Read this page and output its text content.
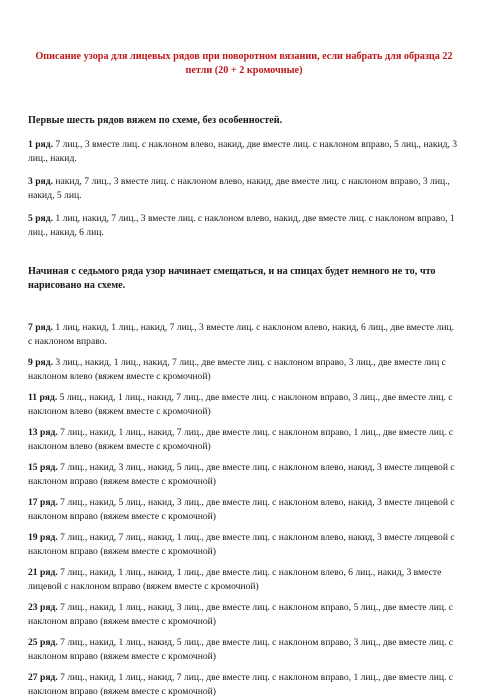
Описание узора для лицевых рядов при поворотном вязании, если набрать для образца 22 петли (20 + 2 кромочные)

Первые шесть рядов вяжем по схеме, без особенностей.

1 ряд. 7 лиц., 3 вместе лиц. с наклоном влево, накид, две вместе лиц. с наклоном вправо, 5 лиц., накид, 3 лиц., накид.

3 ряд. накид, 7 лиц., 3 вместе лиц. с наклоном влево, накид, две вместе лиц. с наклоном вправо, 3 лиц., накид, 5 лиц.

5 ряд. 1 лиц, накид, 7 лиц., 3 вместе лиц. с наклоном влево, накид, две вместе лиц. с наклоном вправо, 1 лиц., накид, 6 лиц.

Начиная с седьмого ряда узор начинает смещаться, и на спицах будет немного не то, что нарисовано на схеме.

7 ряд. 1 лиц, накид, 1 лиц., накид, 7 лиц., 3 вместе лиц. с наклоном влево, накид, 6 лиц., две вместе лиц. с наклоном вправо.

9 ряд. 3 лиц., накид, 1 лиц., накид, 7 лиц., две вместе лиц. с наклоном вправо, 3 лиц., две вместе лиц с наклоном влево (вяжем вместе с кромочной)

11 ряд. 5 лиц., накид, 1 лиц., накид, 7 лиц., две вместе лиц. с наклоном вправо, 3 лиц., две вместе лиц. с наклоном влево (вяжем вместе с кромочной)

13 ряд. 7 лиц., накид, 1 лиц., накид, 7 лиц., две вместе лиц. с наклоном вправо, 1 лиц., две вместе лиц. с наклоном влево (вяжем вместе с кромочной)

15 ряд. 7 лиц., накид, 3 лиц., накид, 5 лиц., две вместе лиц. с наклоном влево, накид, 3 вместе лицевой с наклоном вправо (вяжем вместе с кромочной)

17 ряд. 7 лиц., накид, 5 лиц., накид, 3 лиц., две вместе лиц. с наклоном влево, накид, 3 вместе лицевой с наклоном вправо (вяжем вместе с кромочной)

19 ряд. 7 лиц., накид, 7 лиц., накид, 1 лиц., две вместе лиц. с наклоном влево, накид, 3 вместе лицевой с наклоном вправо (вяжем вместе с кромочной)

21 ряд. 7 лиц., накид, 1 лиц., накид, 1 лиц., две вместе лиц. с наклоном влево, 6 лиц., накид, 3 вместе лицевой с наклоном вправо (вяжем вместе с кромочной)

23 ряд. 7 лиц., накид, 1 лиц., накид, 3 лиц., две вместе лиц. с наклоном вправо, 5 лиц., две вместе лиц. с наклоном вправо (вяжем вместе с кромочной)

25 ряд. 7 лиц., накид, 1 лиц., накид, 5 лиц., две вместе лиц. с наклоном вправо, 3 лиц., две вместе лиц. с наклоном вправо (вяжем вместе с кромочной)

27 ряд. 7 лиц., накид, 1 лиц., накид, 7 лиц., две вместе лиц. с наклоном вправо, 1 лиц., две вместе лиц. с наклоном вправо (вяжем вместе с кромочной)
